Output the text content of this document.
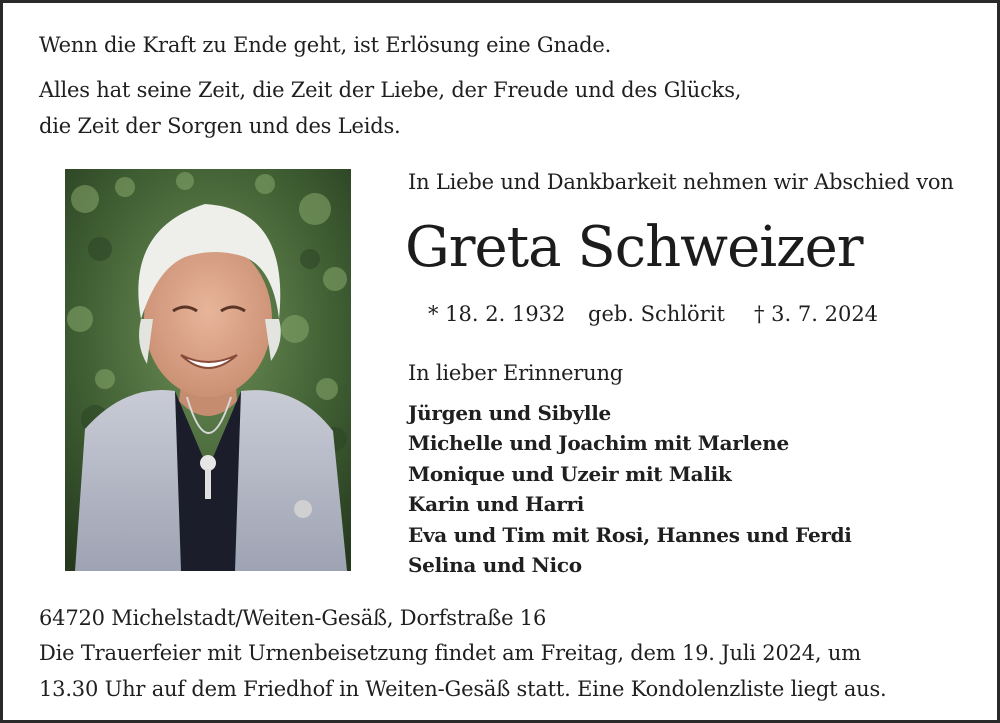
Wenn die Kraft zu Ende geht, ist Erlösung eine Gnade.
Alles hat seine Zeit, die Zeit der Liebe, der Freude und des Glücks,
die Zeit der Sorgen und des Leids.
In Liebe und Dankbarkeit nehmen wir Abschied von
Greta Schweizer
* 18. 2. 1932 geb. Schlörit † 3. 7. 2024
In lieber Erinnerung
Jürgen und Sibylle
Michelle und Joachim mit Marlene
Monique und Uzeir mit Malik
Karin und Harri
Eva und Tim mit Rosi, Hannes und Ferdi
Selina und Nico
64720 Michelstadt/Weiten-Gesäß, Dorfstraße 16
Die Trauerfeier mit Urnenbeisetzung findet am Freitag, dem 19. Juli 2024, um
13.30 Uhr auf dem Friedhof in Weiten-Gesäß statt. Eine Kondolenzliste liegt aus.
